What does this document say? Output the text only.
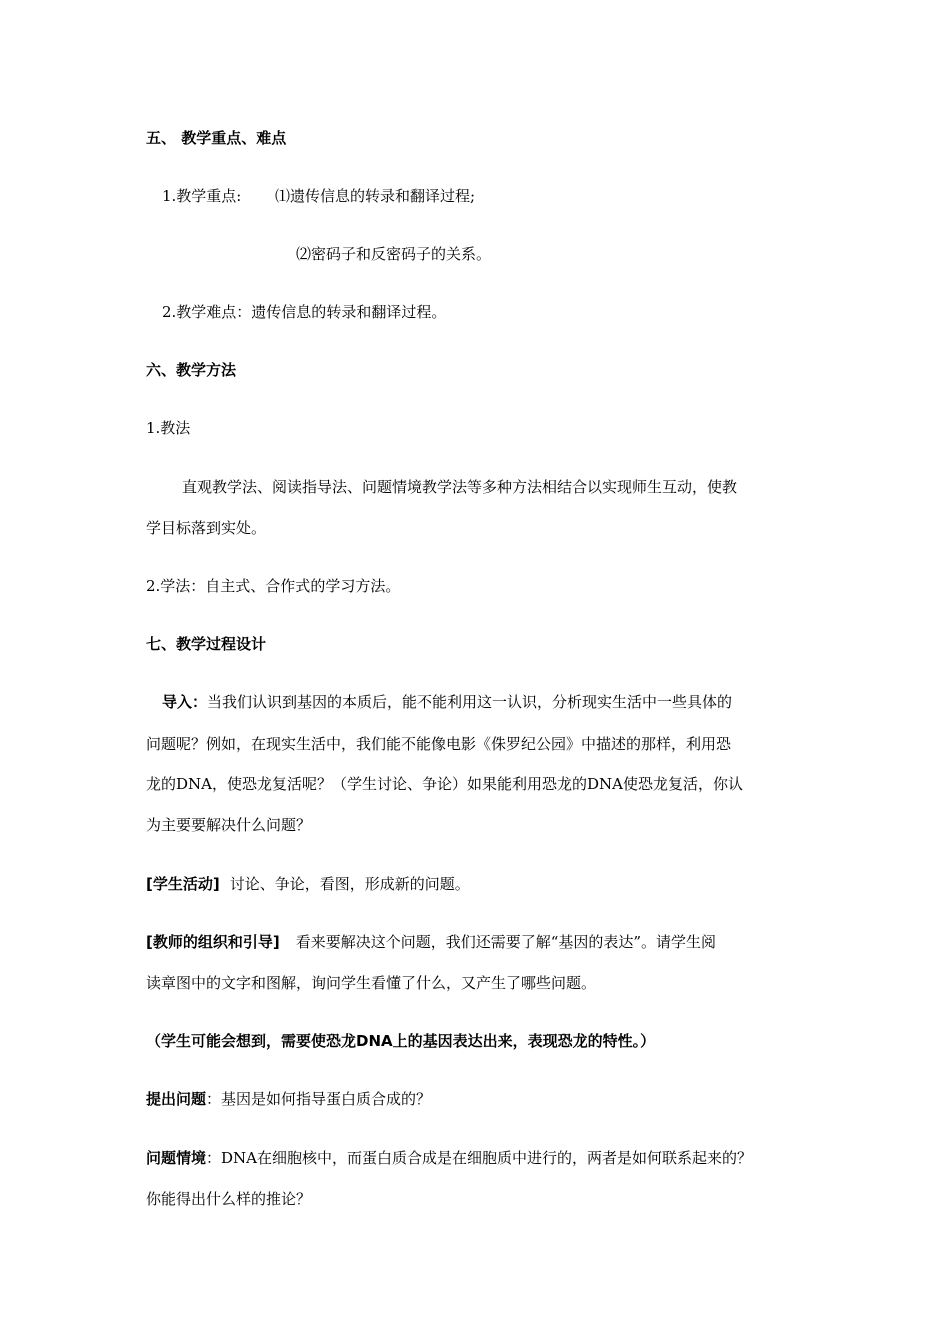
五、 教学重点、难点
1.教学重点: ⑴遗传信息的转录和翻译过程;
⑵密码子和反密码子的关系。
2.教学难点：遗传信息的转录和翻译过程。
六、教学方法
1.教法
直观教学法、阅读指导法、问题情境教学法等多种方法相结合以实现师生互动，使教
学目标落到实处。
2.学法：自主式、合作式的学习方法。
七、教学过程设计
导入：当我们认识到基因的本质后，能不能利用这一认识，分析现实生活中一些具体的
问题呢？例如，在现实生活中，我们能不能像电影《侏罗纪公园》中描述的那样，利用恐
龙的DNA，使恐龙复活呢？（学生讨论、争论）如果能利用恐龙的DNA使恐龙复活，你认
为主要要解决什么问题？
[学生活动] 讨论、争论，看图，形成新的问题。
[教师的组织和引导] 看来要解决这个问题，我们还需要了解“基因的表达”。请学生阅
读章图中的文字和图解，询问学生看懂了什么，又产生了哪些问题。
（学生可能会想到，需要使恐龙DNA上的基因表达出来，表现恐龙的特性。）
提出问题：基因是如何指导蛋白质合成的？
问题情境：DNA在细胞核中，而蛋白质合成是在细胞质中进行的，两者是如何联系起来的？
你能得出什么样的推论？
